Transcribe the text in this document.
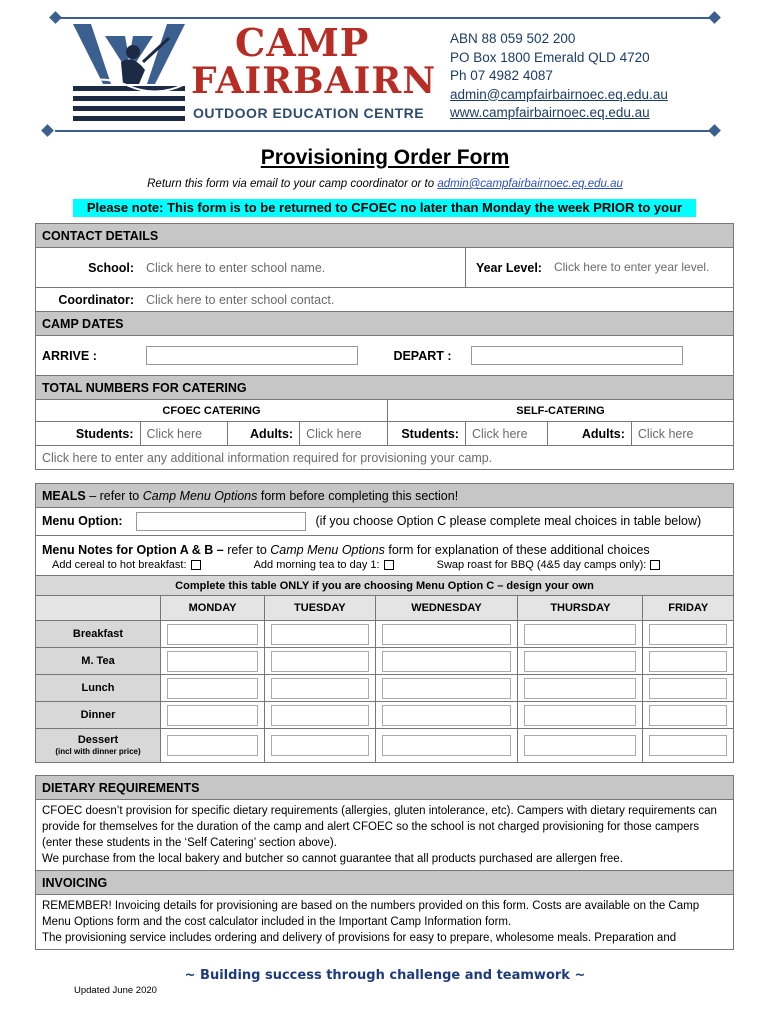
CAMP
FAIRBAIRN
OUTDOOR EDUCATION CENTRE
ABN 88 059 502 200
PO Box 1800 Emerald QLD 4720
Ph 07 4982 4087
admin@campfairbairnoec.eq.edu.au
www.campfairbairnoec.eq.edu.au
Provisioning Order Form
Return this form via email to your camp coordinator or to admin@campfairbairnoec.eq.edu.au
Please note: This form is to be returned to CFOEC no later than Monday the week PRIOR to your
CONTACT DETAILS							
School:	Click here to enter school name.				Year Level:	Click here to enter year level.	
Coordinator:	Click here to enter school contact.						
CAMP DATES							
ARRIVE :				DEPART :			
TOTAL NUMBERS FOR CATERING							
CFOEC CATERING				SELF-CATERING			
Students:	Click here	Adults:	Click here	Students:	Click here	Adults:	Click here
Click here to enter any additional information required for provisioning your camp.							
MEALS – refer to Camp Menu Options form before completing this section!					
Menu Option: (if you choose Option C please complete meal choices in table below)					

Menu Notes for Option A & B – refer to Camp Menu Options form for explanation of these additional choices
Add cereal to hot breakfast: Add morning tea to day 1: Swap roast for BBQ (4&5 day camps only):					

Complete this table ONLY if you are choosing Menu Option C – design your own					
	MONDAY	TUESDAY	WEDNESDAY	THURSDAY	FRIDAY
Breakfast	

M. Tea	

Lunch	

Dinner	

Dessert
(incl with dinner price)					

DIETARY REQUIREMENTS

CFOEC doesn’t provision for specific dietary requirements (allergies, gluten intolerance, etc). Campers with dietary requirements can provide for themselves for the duration of the camp and alert CFOEC so the school is not charged provisioning for those campers (enter these students in the ‘Self Catering’ section above).
We purchase from the local bakery and butcher so cannot guarantee that all products purchased are allergen free.

INVOICING

REMEMBER! Invoicing details for provisioning are based on the numbers provided on this form. Costs are available on the Camp Menu Options form and the cost calculator included in the Important Camp Information form.
The provisioning service includes ordering and delivery of provisions for easy to prepare, wholesome meals. Preparation and
~ Building success through challenge and teamwork ~
Updated June 2020
